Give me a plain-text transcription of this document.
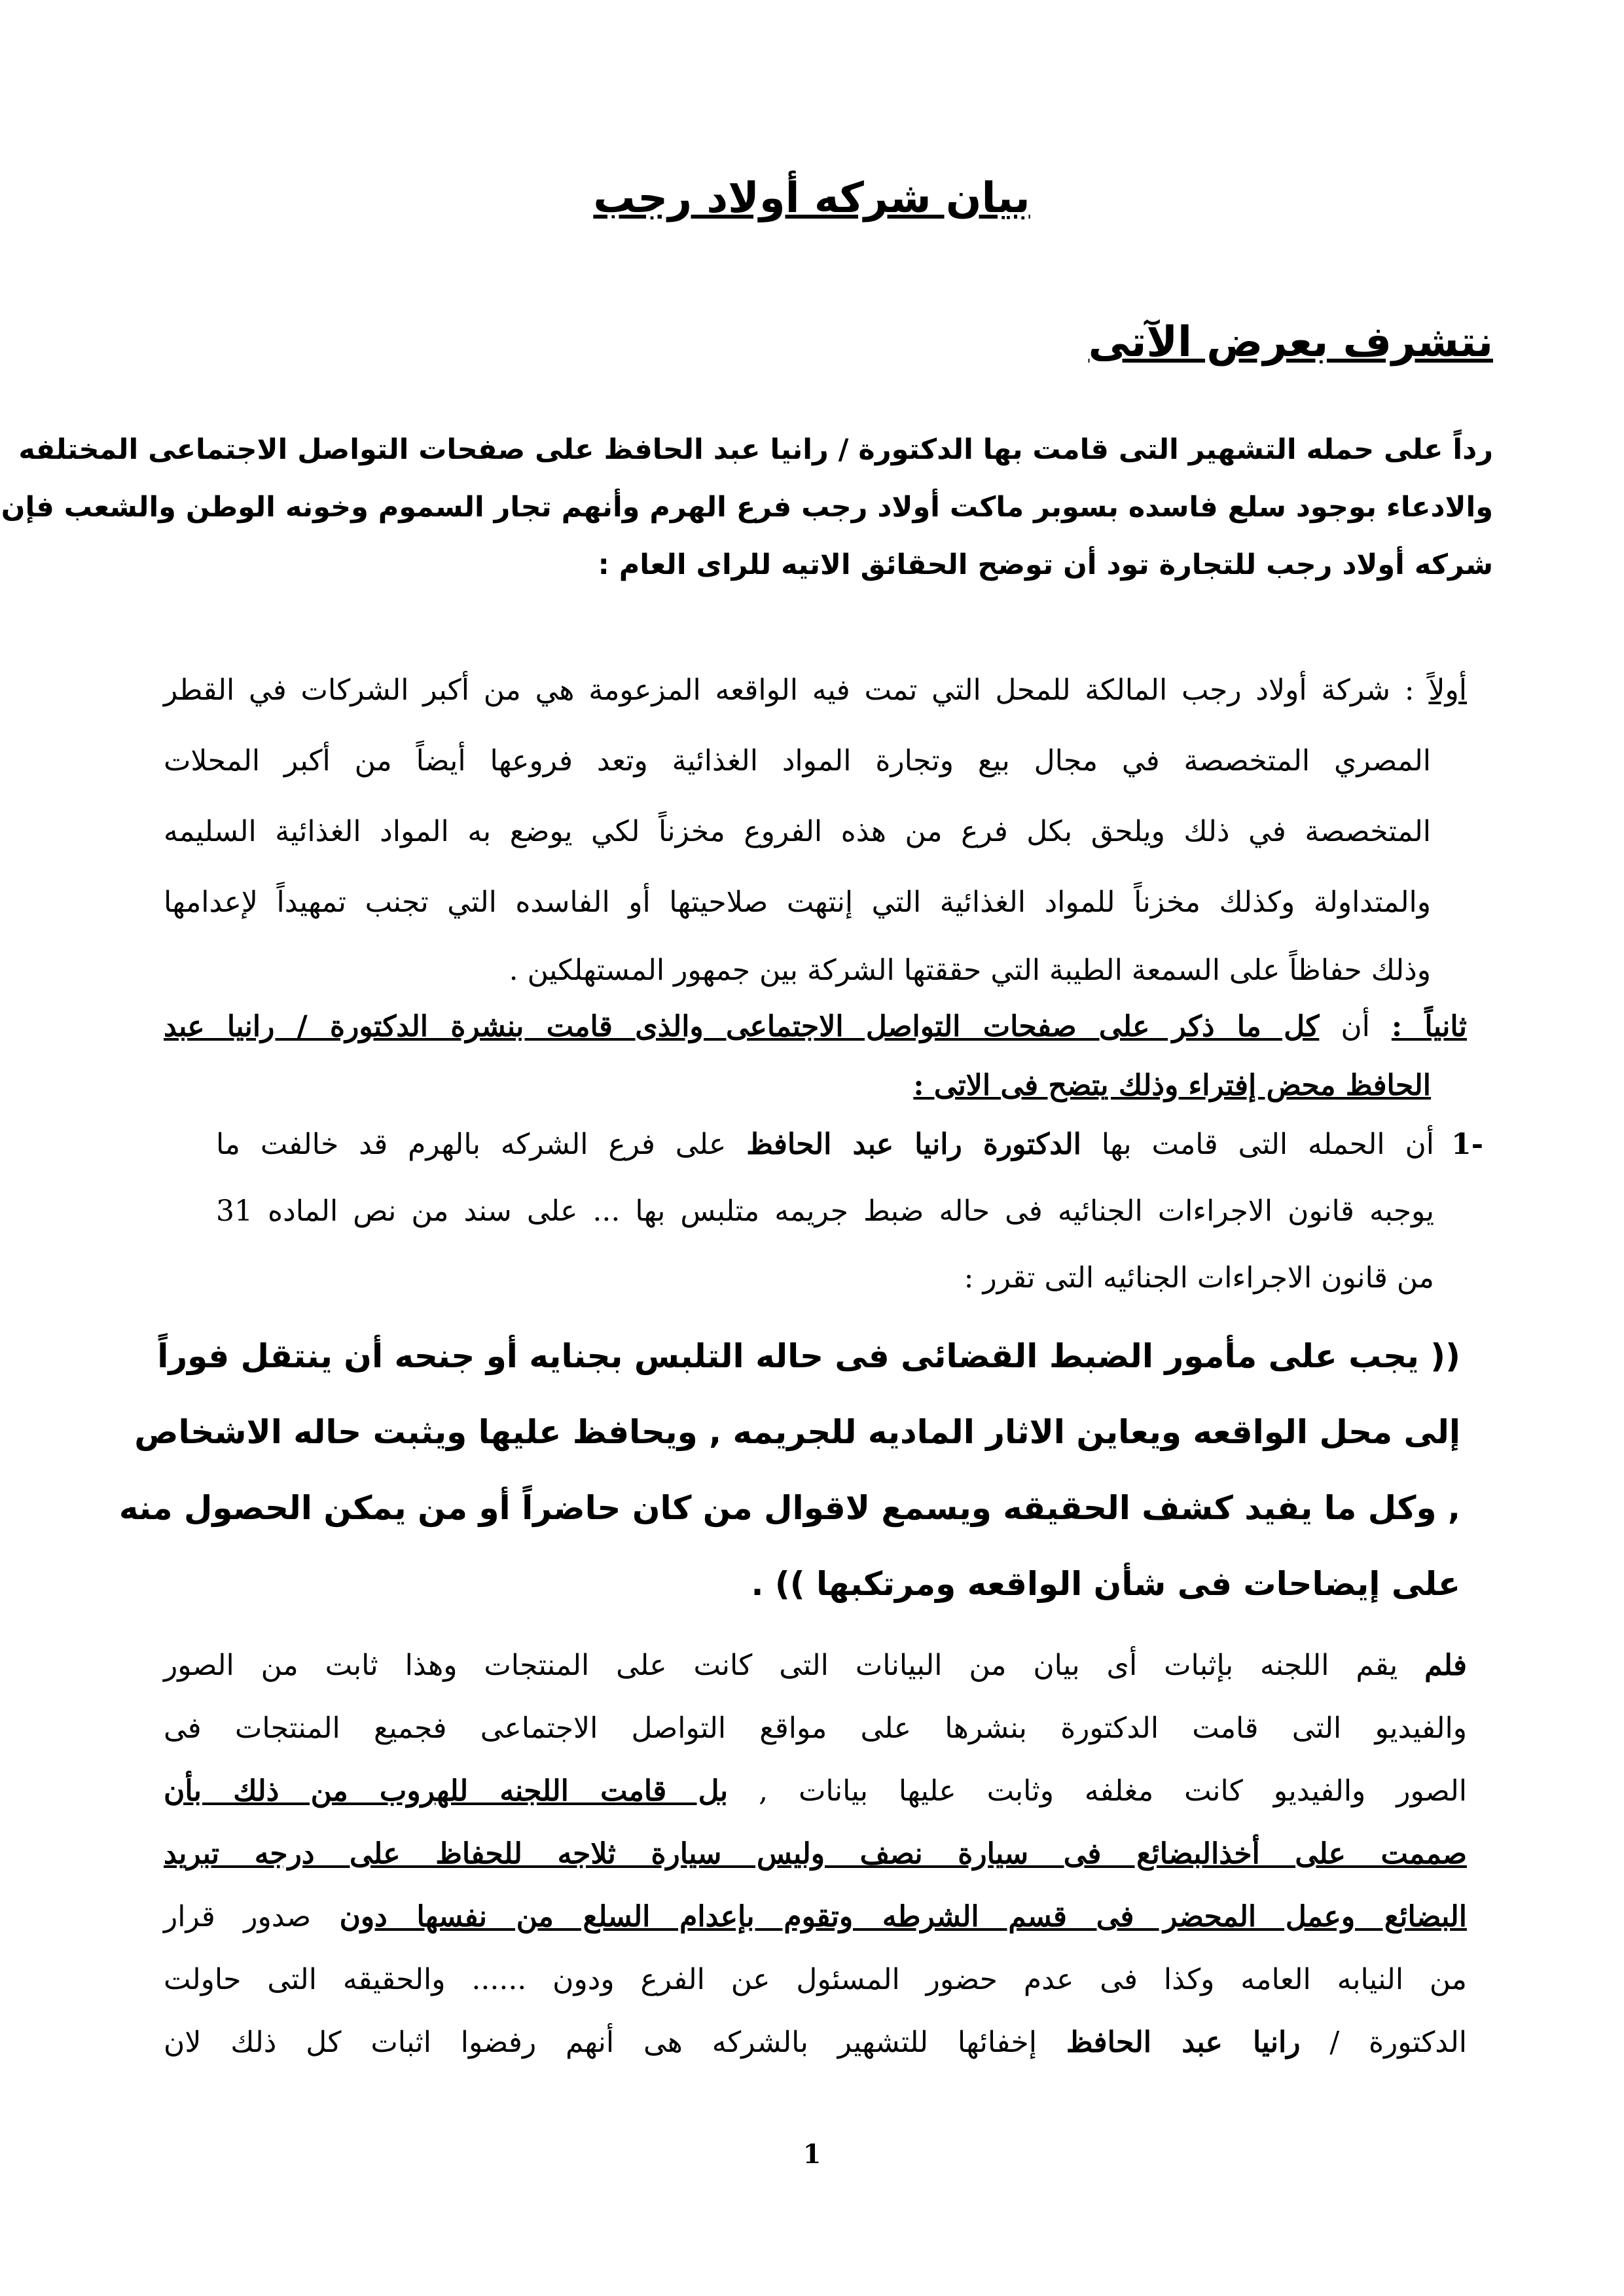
بيان شركه أولاد رجب
نتشرف بعرض الآتى
رداً على حمله التشهير التى قامت بها الدكتورة / رانيا عبد الحافظ على صفحات التواصل الاجتماعى المختلفه
والادعاء بوجود سلع فاسده بسوبر ماكت أولاد رجب فرع الهرم وأنهم تجار السموم وخونه الوطن والشعب فإن
شركه أولاد رجب للتجارة تود أن توضح الحقائق الاتيه للراى العام :
أولاً : شركة أولاد رجب المالكة للمحل التي تمت فيه الواقعه المزعومة هي من أكبر الشركات في القطر
المصري المتخصصة في مجال بيع وتجارة المواد الغذائية وتعد فروعها أيضاً من أكبر المحلات
المتخصصة في ذلك ويلحق بكل فرع من هذه الفروع مخزناً لكي يوضع به المواد الغذائية السليمه
والمتداولة وكذلك مخزناً للمواد الغذائية التي إنتهت صلاحيتها أو الفاسده التي تجنب تمهيداً لإعدامها
وذلك حفاظاً على السمعة الطيبة التي حققتها الشركة بين جمهور المستهلكين .
ثانياً : أن كل ما ذكر على صفحات التواصل الاجتماعى والذى قامت بنشرة الدكتورة / رانيا عبد
الحافظ محض إفتراء وذلك يتضح فى الاتى :
1-
أن الحمله التى قامت بها الدكتورة رانيا عبد الحافظ على فرع الشركه بالهرم قد خالفت ما
يوجبه قانون الاجراءات الجنائيه فى حاله ضبط جريمه متلبس بها ... على سند من نص الماده 31
من قانون الاجراءات الجنائيه التى تقرر :
(( يجب على مأمور الضبط القضائى فى حاله التلبس بجنايه أو جنحه أن ينتقل فوراً
إلى محل الواقعه ويعاين الاثار الماديه للجريمه , ويحافظ عليها ويثبت حاله الاشخاص
, وكل ما يفيد كشف الحقيقه ويسمع لاقوال من كان حاضراً أو من يمكن الحصول منه
على إيضاحات فى شأن الواقعه ومرتكبها )) .
فلم يقم اللجنه بإثبات أى بيان من البيانات التى كانت على المنتجات وهذا ثابت من الصور
والفيديو التى قامت الدكتورة بنشرها على مواقع التواصل الاجتماعى فجميع المنتجات فى
الصور والفيديو كانت مغلفه وثابت عليها بيانات , بل قامت اللجنه للهروب من ذلك بأن
صممت على أخذالبضائع فى سيارة نصف وليس سيارة ثلاجه للحفاظ على درجه تبريد
البضائع وعمل المحضر فى قسم الشرطه وتقوم بإعدام السلع من نفسها دون صدور قرار
من النيابه العامه وكذا فى عدم حضور المسئول عن الفرع ودون ...... والحقيقه التى حاولت
الدكتورة / رانيا عبد الحافظ إخفائها للتشهير بالشركه هى أنهم رفضوا اثبات كل ذلك لان
1
